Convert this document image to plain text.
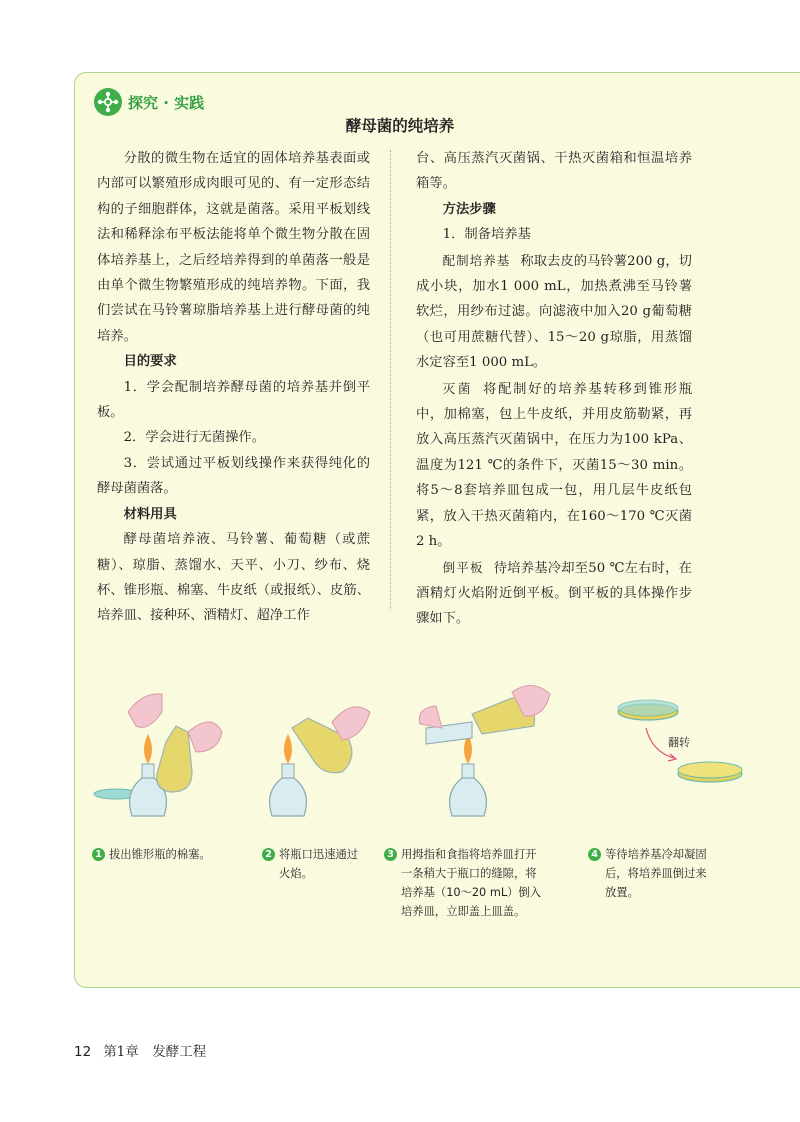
探究 · 实践
酵母菌的纯培养

分散的微生物在适宜的固体培养基表面或内部可以繁殖形成肉眼可见的、有一定形态结构的子细胞群体，这就是菌落。采用平板划线法和稀释涂布平板法能将单个微生物分散在固体培养基上，之后经培养得到的单菌落一般是由单个微生物繁殖形成的纯培养物。下面，我们尝试在马铃薯琼脂培养基上进行酵母菌的纯培养。

目的要求

1．学会配制培养酵母菌的培养基并倒平板。

2．学会进行无菌操作。

3．尝试通过平板划线操作来获得纯化的酵母菌菌落。

材料用具

酵母菌培养液、马铃薯、葡萄糖（或蔗糖）、琼脂、蒸馏水、天平、小刀、纱布、烧杯、锥形瓶、棉塞、牛皮纸（或报纸）、皮筋、培养皿、接种环、酒精灯、超净工作

台、高压蒸汽灭菌锅、干热灭菌箱和恒温培养箱等。

方法步骤

1．制备培养基

配制培养基 称取去皮的马铃薯200 g，切成小块，加水1 000 mL，加热煮沸至马铃薯软烂，用纱布过滤。向滤液中加入20 g葡萄糖（也可用蔗糖代替）、15～20 g琼脂，用蒸馏水定容至1 000 mL。

灭菌 将配制好的培养基转移到锥形瓶中，加棉塞，包上牛皮纸，并用皮筋勒紧，再放入高压蒸汽灭菌锅中，在压力为100 kPa、温度为121 ℃的条件下，灭菌15～30 min。将5～8套培养皿包成一包，用几层牛皮纸包紧，放入干热灭菌箱内，在160～170 ℃灭菌2 h。

倒平板 待培养基冷却至50 ℃左右时，在酒精灯火焰附近倒平板。倒平板的具体操作步骤如下。

翻转
1 拔出锥形瓶的棉塞。	2 将瓶口迅速通过
火焰。
3 用拇指和食指将培养皿打开
一条稍大于瓶口的缝隙，将
培养基（10～20 mL）倒入
培养皿，立即盖上皿盖。
4 等待培养基冷却凝固
后，将培养皿倒过来
放置。
12 第1章　发酵工程
